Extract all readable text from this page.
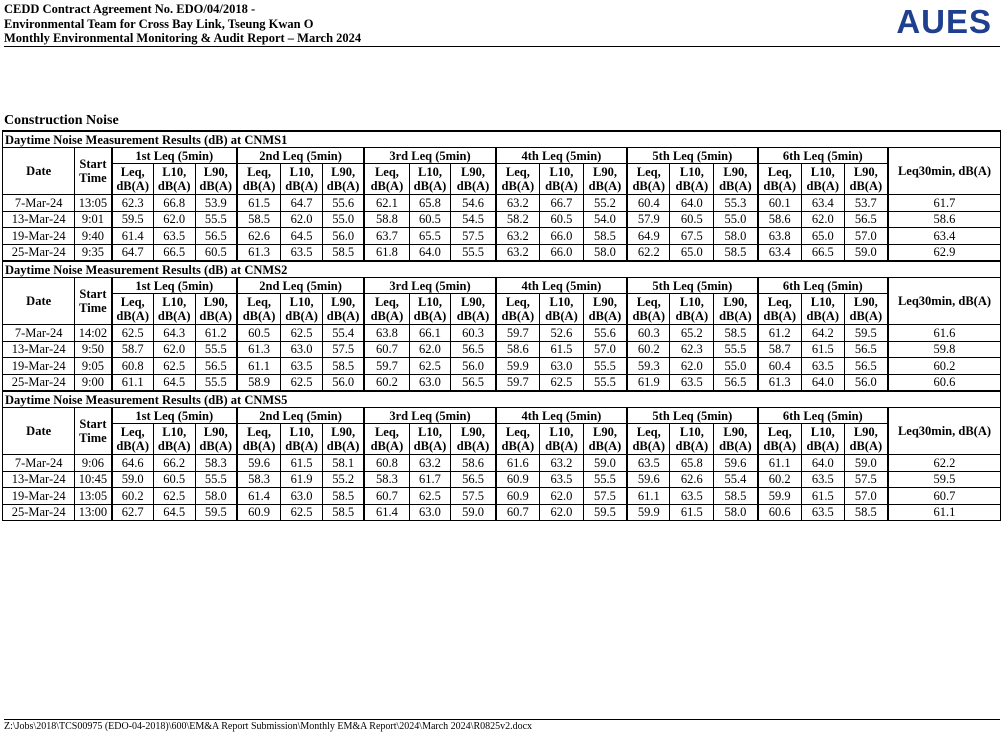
CEDD Contract Agreement No. EDO/04/2018 -
Environmental Team for Cross Bay Link, Tseung Kwan O
Monthly Environmental Monitoring & Audit Report – March 2024	AUES
Construction Noise
Daytime Noise Measurement Results (dB) at CNMS1																				
Date	Start Time	1st Leq (5min)			2nd Leq (5min)			3rd Leq (5min)			4th Leq (5min)			5th Leq (5min)			6th Leq (5min)			Leq30min, dB(A)
		Leq, dB(A)	L10, dB(A)	L90, dB(A)	Leq, dB(A)	L10, dB(A)	L90, dB(A)	Leq, dB(A)	L10, dB(A)	L90, dB(A)	Leq, dB(A)	L10, dB(A)	L90, dB(A)	Leq, dB(A)	L10, dB(A)	L90, dB(A)	Leq, dB(A)	L10, dB(A)	L90, dB(A)	
7-Mar-24	13:05	62.3	66.8	53.9	61.5	64.7	55.6	62.1	65.8	54.6	63.2	66.7	55.2	60.4	64.0	55.3	60.1	63.4	53.7	61.7
13-Mar-24	9:01	59.5	62.0	55.5	58.5	62.0	55.0	58.8	60.5	54.5	58.2	60.5	54.0	57.9	60.5	55.0	58.6	62.0	56.5	58.6
19-Mar-24	9:40	61.4	63.5	56.5	62.6	64.5	56.0	63.7	65.5	57.5	63.2	66.0	58.5	64.9	67.5	58.0	63.8	65.0	57.0	63.4
25-Mar-24	9:35	64.7	66.5	60.5	61.3	63.5	58.5	61.8	64.0	55.5	63.2	66.0	58.0	62.2	65.0	58.5	63.4	66.5	59.0	62.9
Daytime Noise Measurement Results (dB) at CNMS2																				
Date	Start Time	1st Leq (5min)			2nd Leq (5min)			3rd Leq (5min)			4th Leq (5min)			5th Leq (5min)			6th Leq (5min)			Leq30min, dB(A)
		Leq, dB(A)	L10, dB(A)	L90, dB(A)	Leq, dB(A)	L10, dB(A)	L90, dB(A)	Leq, dB(A)	L10, dB(A)	L90, dB(A)	Leq, dB(A)	L10, dB(A)	L90, dB(A)	Leq, dB(A)	L10, dB(A)	L90, dB(A)	Leq, dB(A)	L10, dB(A)	L90, dB(A)	
7-Mar-24	14:02	62.5	64.3	61.2	60.5	62.5	55.4	63.8	66.1	60.3	59.7	52.6	55.6	60.3	65.2	58.5	61.2	64.2	59.5	61.6
13-Mar-24	9:50	58.7	62.0	55.5	61.3	63.0	57.5	60.7	62.0	56.5	58.6	61.5	57.0	60.2	62.3	55.5	58.7	61.5	56.5	59.8
19-Mar-24	9:05	60.8	62.5	56.5	61.1	63.5	58.5	59.7	62.5	56.0	59.9	63.0	55.5	59.3	62.0	55.0	60.4	63.5	56.5	60.2
25-Mar-24	9:00	61.1	64.5	55.5	58.9	62.5	56.0	60.2	63.0	56.5	59.7	62.5	55.5	61.9	63.5	56.5	61.3	64.0	56.0	60.6
Daytime Noise Measurement Results (dB) at CNMS5																				
Date	Start Time	1st Leq (5min)			2nd Leq (5min)			3rd Leq (5min)			4th Leq (5min)			5th Leq (5min)			6th Leq (5min)			Leq30min, dB(A)
		Leq, dB(A)	L10, dB(A)	L90, dB(A)	Leq, dB(A)	L10, dB(A)	L90, dB(A)	Leq, dB(A)	L10, dB(A)	L90, dB(A)	Leq, dB(A)	L10, dB(A)	L90, dB(A)	Leq, dB(A)	L10, dB(A)	L90, dB(A)	Leq, dB(A)	L10, dB(A)	L90, dB(A)	
7-Mar-24	9:06	64.6	66.2	58.3	59.6	61.5	58.1	60.8	63.2	58.6	61.6	63.2	59.0	63.5	65.8	59.6	61.1	64.0	59.0	62.2
13-Mar-24	10:45	59.0	60.5	55.5	58.3	61.9	55.2	58.3	61.7	56.5	60.9	63.5	55.5	59.6	62.6	55.4	60.2	63.5	57.5	59.5
19-Mar-24	13:05	60.2	62.5	58.0	61.4	63.0	58.5	60.7	62.5	57.5	60.9	62.0	57.5	61.1	63.5	58.5	59.9	61.5	57.0	60.7
25-Mar-24	13:00	62.7	64.5	59.5	60.9	62.5	58.5	61.4	63.0	59.0	60.7	62.0	59.5	59.9	61.5	58.0	60.6	63.5	58.5	61.1
Z:\Jobs\2018\TCS00975 (EDO-04-2018)\600\EM&A Report Submission\Monthly EM&A Report\2024\March 2024\R0825v2.docx
